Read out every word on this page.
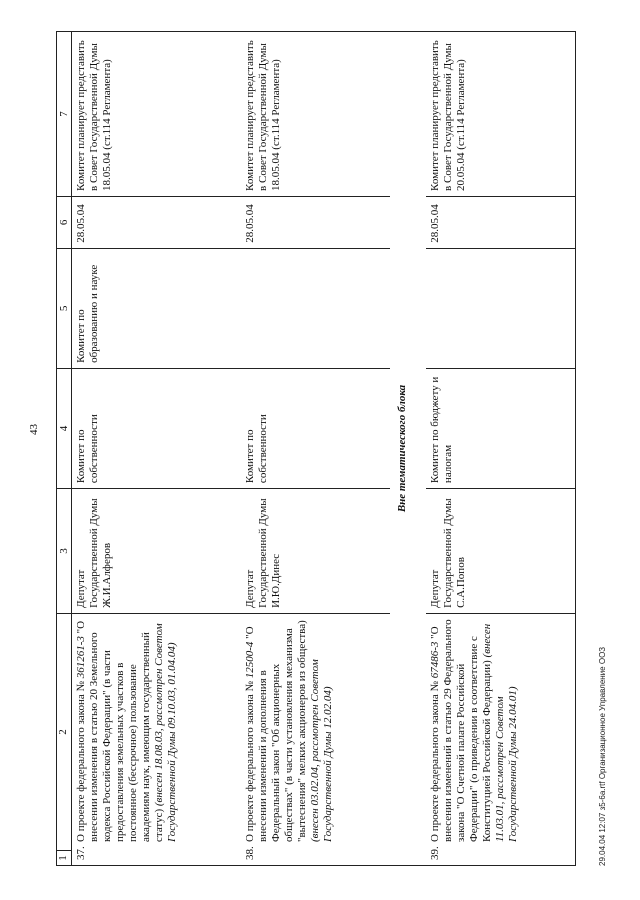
43
1
2	3	4	5	6	7

37.
О проекте федерального закона № 361261-3 "О внесении изменения в статью 20 Земельного кодекса Российской Федерации" (в части предоставления земельных участков в постоянное (бессрочное) пользование академиям наук, имеющим государственный статус) (внесен 18.08.03, рассмотрен Советом Государственной Думы 09.10.03, 01.04.04)	Депутат Государственной Думы Ж.И.Алферов	Комитет по собственности	Комитет по образованию и науке	28.05.04	Комитет планирует представить в Совет Государственной Думы 18.05.04 (ст.114 Регламента)

38.
О проекте федерального закона № 12500-4 "О внесении изменений и дополнения в Федеральный закон "Об акционерных обществах" (в части установления механизма "вытеснения" мелких акционеров из общества) (внесен 03.02.04, рассмотрен Советом Государственной Думы 12.02.04)	Депутат Государственной Думы И.Ю.Динес	Комитет по собственности		28.05.04	Комитет планирует представить в Совет Государственной Думы 18.05.04 (ст.114 Регламента)
Вне тематического блока					

39.
О проекте федерального закона № 67486-3 "О внесении изменений в статью 29 Федерального закона "О Счетной палате Российской Федерации" (о приведении в соответствие с Конституцией Российской Федерации) (внесен 11.03.01, рассмотрен Советом Государственной Думы 24.04.01)	Депутат Государственной Думы С.А.Попов	Комитет по бюджету и налогам		28.05.04	Комитет планирует представить в Совет Государственной Думы 20.05.04 (ст.114 Регламента)
29.04.04 12:07 з5-6а.rtf Организационное Управление ООЗ
